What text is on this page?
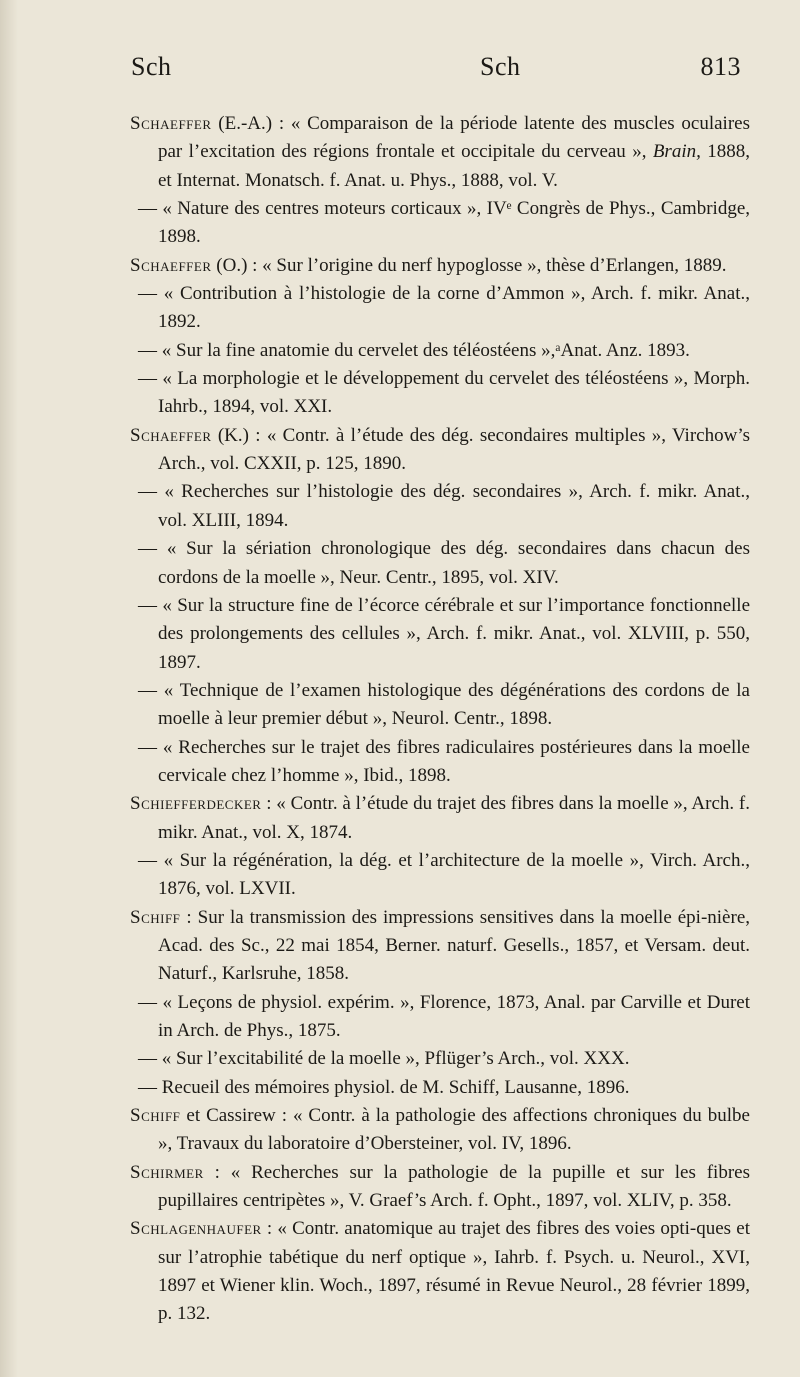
Sch	Sch	813

Schaeffer (E.-A.) : « Comparaison de la période latente des muscles oculaires par l’excitation des régions frontale et occipitale du cerveau », Brain, 1888, et Internat. Monatsch. f. Anat. u. Phys., 1888, vol. V.

— « Nature des centres moteurs corticaux », IVᵉ Congrès de Phys., Cambridge, 1898.

Schaeffer (O.) : « Sur l’origine du nerf hypoglosse », thèse d’Erlangen, 1889.

— « Contribution à l’histologie de la corne d’Ammon », Arch. f. mikr. Anat., 1892.

— « Sur la fine anatomie du cervelet des téléostéens »,ᵃAnat. Anz. 1893.

— « La morphologie et le développement du cervelet des téléostéens », Morph. Iahrb., 1894, vol. XXI.

Schaeffer (K.) : « Contr. à l’étude des dég. secondaires multiples », Virchow’s Arch., vol. CXXII, p. 125, 1890.

— « Recherches sur l’histologie des dég. secondaires », Arch. f. mikr. Anat., vol. XLIII, 1894.

— « Sur la sériation chronologique des dég. secondaires dans chacun des cordons de la moelle », Neur. Centr., 1895, vol. XIV.

— « Sur la structure fine de l’écorce cérébrale et sur l’importance fonctionnelle des prolongements des cellules », Arch. f. mikr. Anat., vol. XLVIII, p. 550, 1897.

— « Technique de l’examen histologique des dégénérations des cordons de la moelle à leur premier début », Neurol. Centr., 1898.

— « Recherches sur le trajet des fibres radiculaires postérieures dans la moelle cervicale chez l’homme », Ibid., 1898.

Schiefferdecker : « Contr. à l’étude du trajet des fibres dans la moelle », Arch. f. mikr. Anat., vol. X, 1874.

— « Sur la régénération, la dég. et l’architecture de la moelle », Virch. Arch., 1876, vol. LXVII.

Schiff : Sur la transmission des impressions sensitives dans la moelle épi-nière, Acad. des Sc., 22 mai 1854, Berner. naturf. Gesells., 1857, et Versam. deut. Naturf., Karlsruhe, 1858.

— « Leçons de physiol. expérim. », Florence, 1873, Anal. par Carville et Duret in Arch. de Phys., 1875.

— « Sur l’excitabilité de la moelle », Pflüger’s Arch., vol. XXX.

— Recueil des mémoires physiol. de M. Schiff, Lausanne, 1896.

Schiff et Cassirew : « Contr. à la pathologie des affections chroniques du bulbe », Travaux du laboratoire d’Obersteiner, vol. IV, 1896.

Schirmer : « Recherches sur la pathologie de la pupille et sur les fibres pupillaires centripètes », V. Graef’s Arch. f. Opht., 1897, vol. XLIV, p. 358.

Schlagenhaufer : « Contr. anatomique au trajet des fibres des voies opti-ques et sur l’atrophie tabétique du nerf optique », Iahrb. f. Psych. u. Neurol., XVI, 1897 et Wiener klin. Woch., 1897, résumé in Revue Neurol., 28 février 1899, p. 132.
